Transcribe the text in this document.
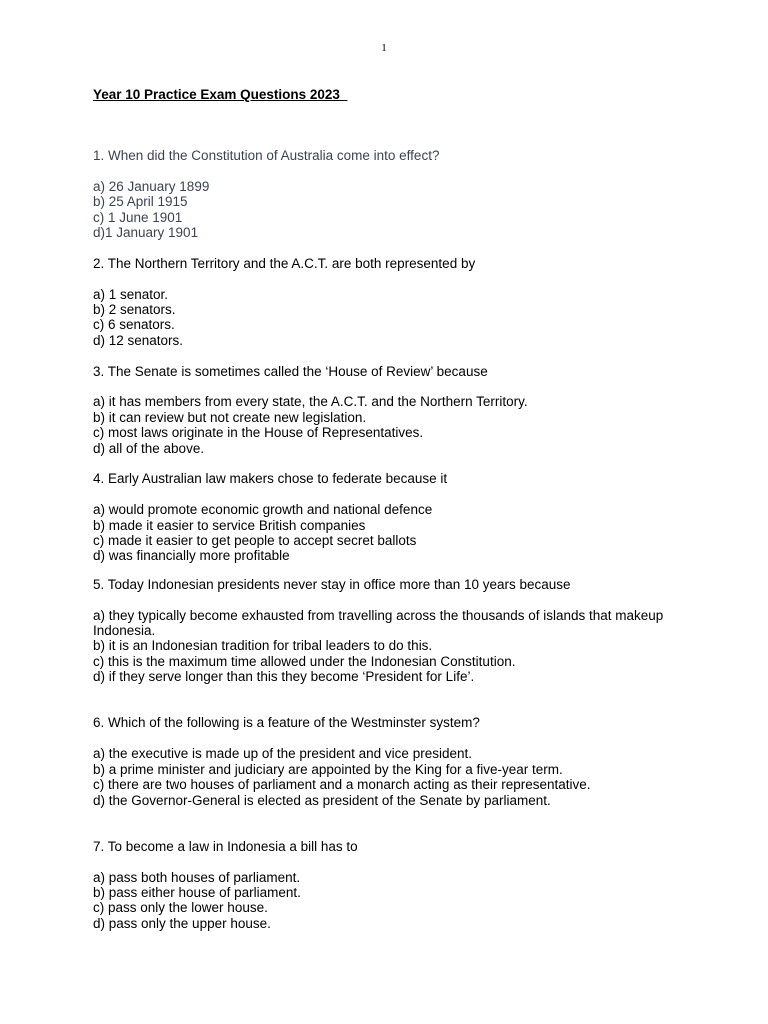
1
Year 10 Practice Exam Questions 2023

1. When did the Constitution of Australia come into effect?

a) 26 January 1899
b) 25 April 1915
c) 1 June 1901
d)1 January 1901

2. The Northern Territory and the A.C.T. are both represented by

a) 1 senator.
b) 2 senators.
c) 6 senators.
d) 12 senators.

3. The Senate is sometimes called the ‘House of Review’ because

a) it has members from every state, the A.C.T. and the Northern Territory.
b) it can review but not create new legislation.
c) most laws originate in the House of Representatives.
d) all of the above.

4. Early Australian law makers chose to federate because it

a) would promote economic growth and national defence
b) made it easier to service British companies
c) made it easier to get people to accept secret ballots
d) was financially more profitable

5. Today Indonesian presidents never stay in office more than 10 years because

a) they typically become exhausted from travelling across the thousands of islands that makeup Indonesia.
b) it is an Indonesian tradition for tribal leaders to do this.
c) this is the maximum time allowed under the Indonesian Constitution.
d) if they serve longer than this they become ‘President for Life’.

6. Which of the following is a feature of the Westminster system?

a) the executive is made up of the president and vice president.
b) a prime minister and judiciary are appointed by the King for a five-year term.
c) there are two houses of parliament and a monarch acting as their representative.
d) the Governor-General is elected as president of the Senate by parliament.

7. To become a law in Indonesia a bill has to

a) pass both houses of parliament.
b) pass either house of parliament.
c) pass only the lower house.
d) pass only the upper house.
